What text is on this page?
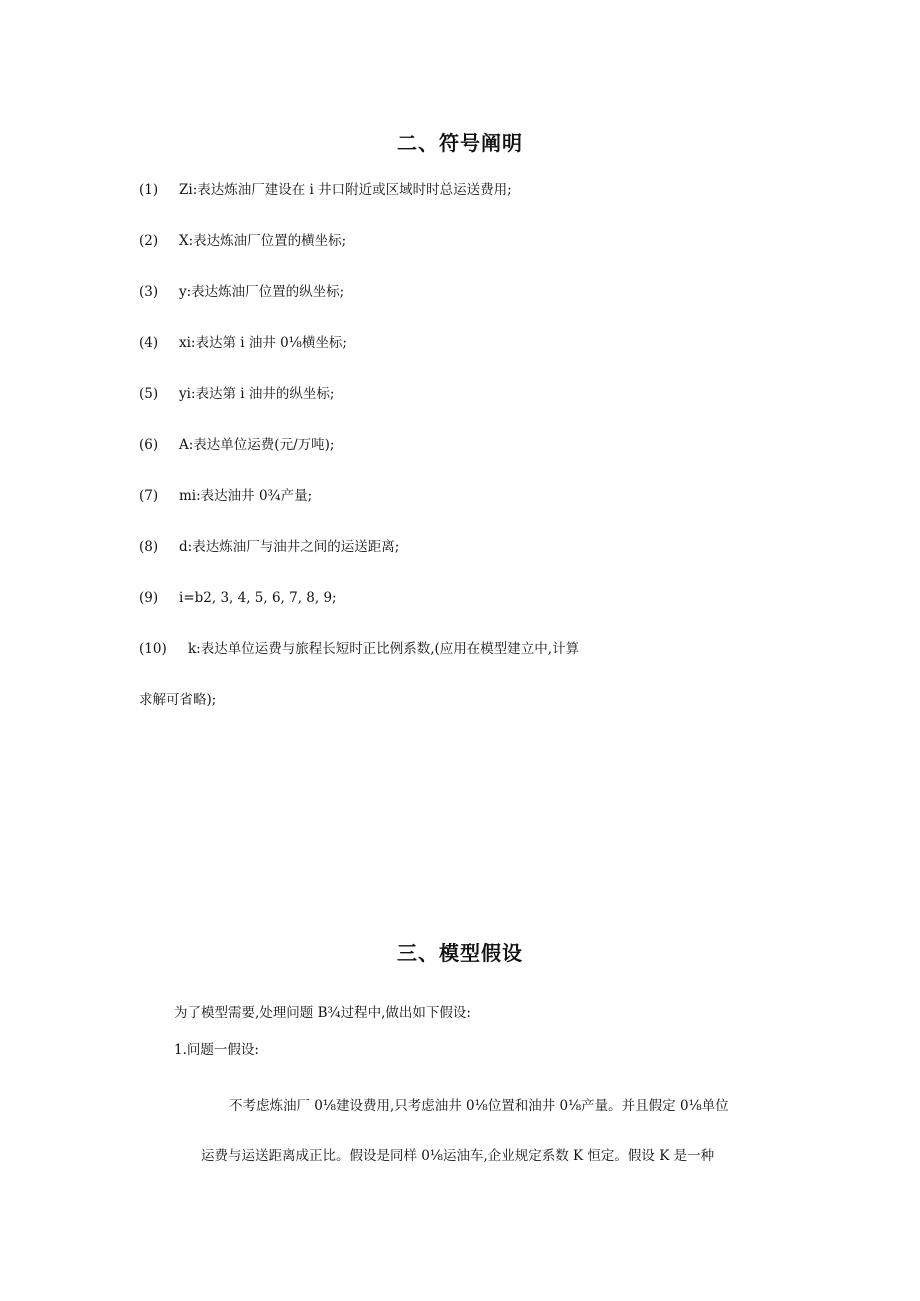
二、符号阐明
(1) Zi:表达炼油厂建设在 i 井口附近或区域时时总运送费用;
(2) X:表达炼油厂位置的横坐标;
(3) y:表达炼油厂位置的纵坐标;
(4) xi:表达第 i 油井 0⅛横坐标;
(5) yi:表达第 i 油井的纵坐标;
(6) A:表达单位运费(元/万吨);
(7) mi:表达油井 0¾产量;
(8) d:表达炼油厂与油井之间的运送距离;
(9) i=b2, 3, 4, 5, 6, 7, 8, 9;
(10) k:表达单位运费与旅程长短时正比例系数,(应用在模型建立中,计算
求解可省略);
三、模型假设
为了模型需要,处理问题 B¾过程中,做出如下假设:
1.问题一假设:
不考虑炼油厂 0⅛建设费用,只考虑油井 0⅛位置和油井 0⅛产量。并且假定 0⅛单位
运费与运送距离成正比。假设是同样 0⅛运油车,企业规定系数 K 恒定。假设 K 是一种
